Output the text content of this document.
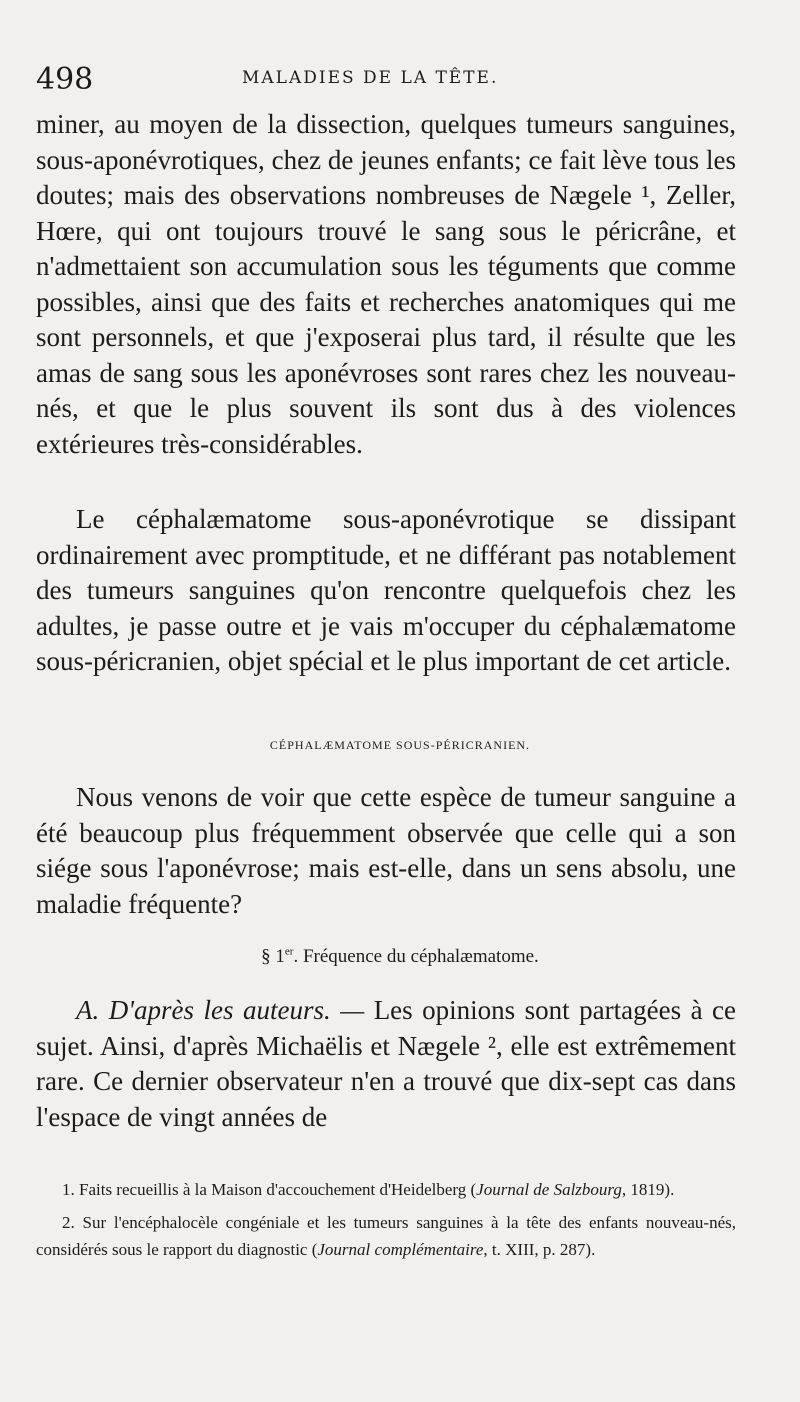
498	MALADIES DE LA TÊTE.

miner, au moyen de la dissection, quelques tumeurs sanguines, sous-aponévrotiques, chez de jeunes enfants; ce fait lève tous les doutes; mais des observations nombreuses de Nægele ¹, Zeller, Hœre, qui ont toujours trouvé le sang sous le péricrâne, et n'admettaient son accumulation sous les téguments que comme possibles, ainsi que des faits et recherches anatomiques qui me sont personnels, et que j'exposerai plus tard, il résulte que les amas de sang sous les aponévroses sont rares chez les nouveau-nés, et que le plus souvent ils sont dus à des violences extérieures très-considérables.

Le céphalæmatome sous-aponévrotique se dissipant ordinairement avec promptitude, et ne différant pas notablement des tumeurs sanguines qu'on rencontre quelquefois chez les adultes, je passe outre et je vais m'occuper du céphalæmatome sous-péricranien, objet spécial et le plus important de cet article.

CÉPHALÆMATOME SOUS-PÉRICRANIEN.

Nous venons de voir que cette espèce de tumeur sanguine a été beaucoup plus fréquemment observée que celle qui a son siége sous l'aponévrose; mais est-elle, dans un sens absolu, une maladie fréquente?

§ 1er. Fréquence du céphalæmatome.

A. D'après les auteurs. — Les opinions sont partagées à ce sujet. Ainsi, d'après Michaëlis et Nægele ², elle est extrêmement rare. Ce dernier observateur n'en a trouvé que dix-sept cas dans l'espace de vingt années de

1. Faits recueillis à la Maison d'accouchement d'Heidelberg (Journal de Salzbourg, 1819).

2. Sur l'encéphalocèle congéniale et les tumeurs sanguines à la tête des enfants nouveau-nés, considérés sous le rapport du diagnostic (Journal complémentaire, t. XIII, p. 287).
